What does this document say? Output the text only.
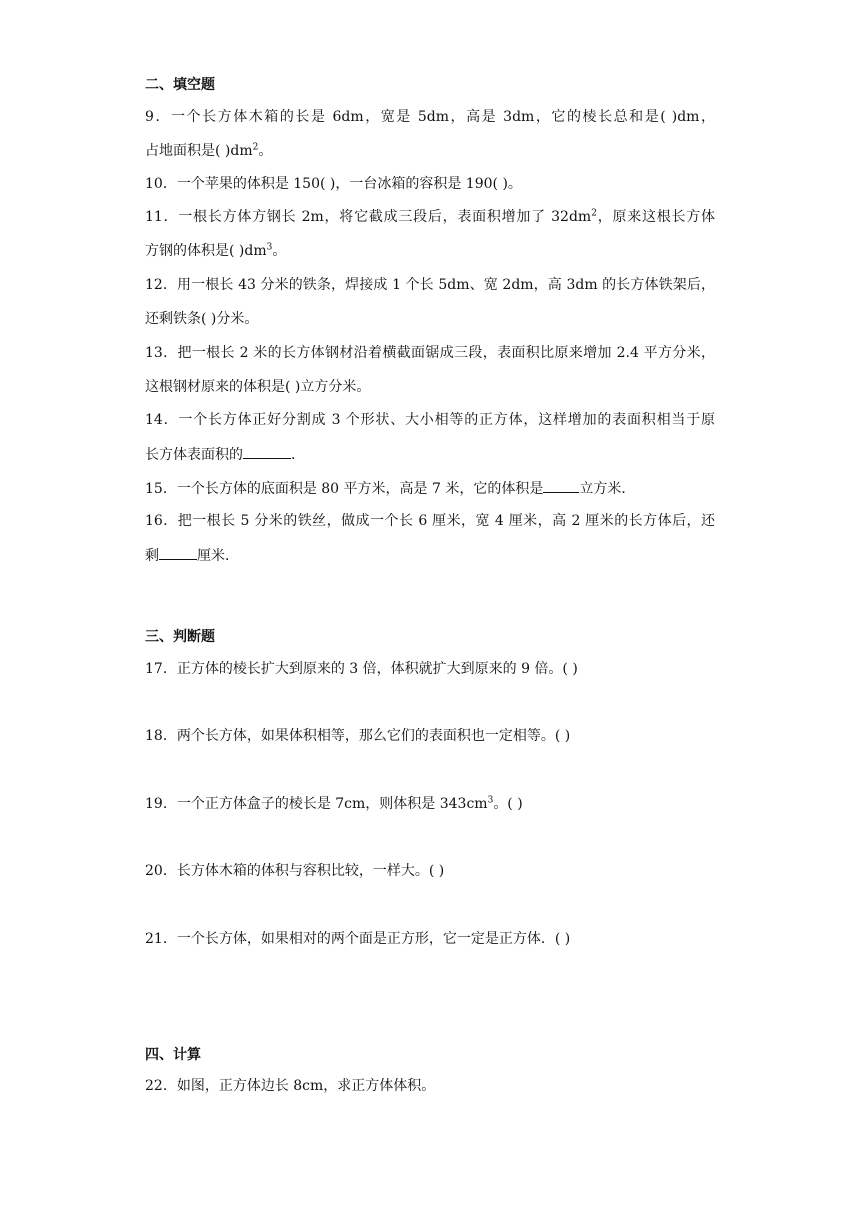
二、填空题
9．一个长方体木箱的长是 6dm，宽是 5dm，高是 3dm，它的棱长总和是( )dm，
占地面积是( )$dm^2$。
10．一个苹果的体积是 150( )，一台冰箱的容积是 190( )。
11．一根长方体方钢长 2m，将它截成三段后，表面积增加了 $32dm^2$，原来这根长方体
方钢的体积是( )$dm^3$。
12．用一根长 43 分米的铁条，焊接成 1 个长 5dm、宽 2dm，高 3dm 的长方体铁架后，
还剩铁条( )分米。
13．把一根长 2 米的长方体钢材沿着横截面锯成三段，表面积比原来增加 2.4 平方分米，
这根钢材原来的体积是( )立方分米。
14．一个长方体正好分割成 3 个形状、大小相等的正方体，这样增加的表面积相当于原
长方体表面积的	．
15．一个长方体的底面积是 80 平方米，高是 7 米，它的体积是	立方米．
16．把一根长 5 分米的铁丝，做成一个长 6 厘米，宽 4 厘米，高 2 厘米的长方体后，还
剩	厘米．
三、判断题
17．正方体的棱长扩大到原来的 3 倍，体积就扩大到原来的 9 倍。( )
18．两个长方体，如果体积相等，那么它们的表面积也一定相等。( )
19．一个正方体盒子的棱长是 7cm，则体积是 $343cm^3$。( )
20．长方体木箱的体积与容积比较，一样大。( )
21．一个长方体，如果相对的两个面是正方形，它一定是正方体．( )
四、计算
22．如图，正方体边长 8cm，求正方体体积。
